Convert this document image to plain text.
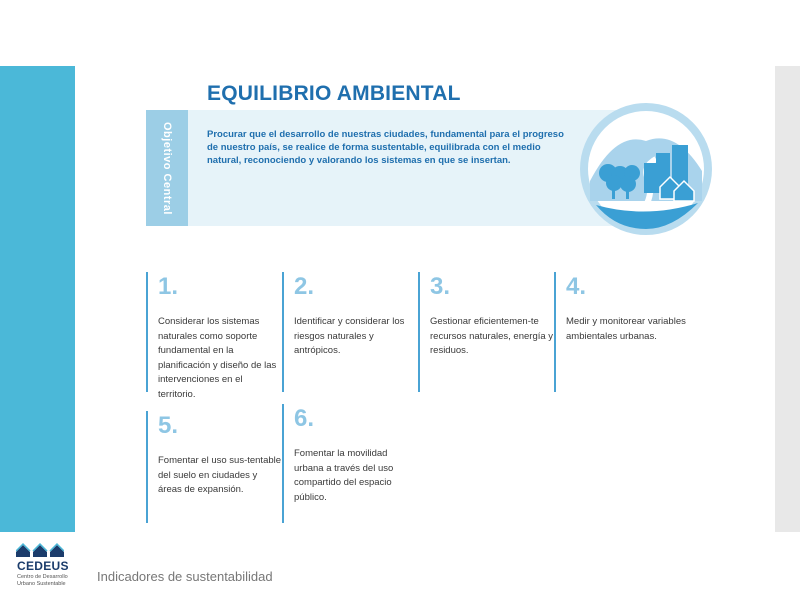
EQUILIBRIO AMBIENTAL
Objetivo Central	Procurar que el desarrollo de nuestras ciudades, fundamental para el progreso de nuestro país, se realice de forma sustentable, equilibrada con el medio natural, reconociendo y valorando los sistemas en que se insertan.
1.
Considerar los sistemas naturales como soporte fundamental en la planificación y diseño de las intervenciones en el territorio.
2.
Identificar y considerar los riesgos naturales y antrópicos.
3.
Gestionar eficientemen-te recursos naturales, energía y residuos.
4.
Medir y monitorear variables ambientales urbanas.
5.
Fomentar el uso sus-tentable del suelo en ciudades y áreas de expansión.
6.
Fomentar la movilidad urbana a través del uso compartido del espacio público.
CEDEUS
Centro de Desarrollo Urbano Sustentable	Indicadores de sustentabilidad
